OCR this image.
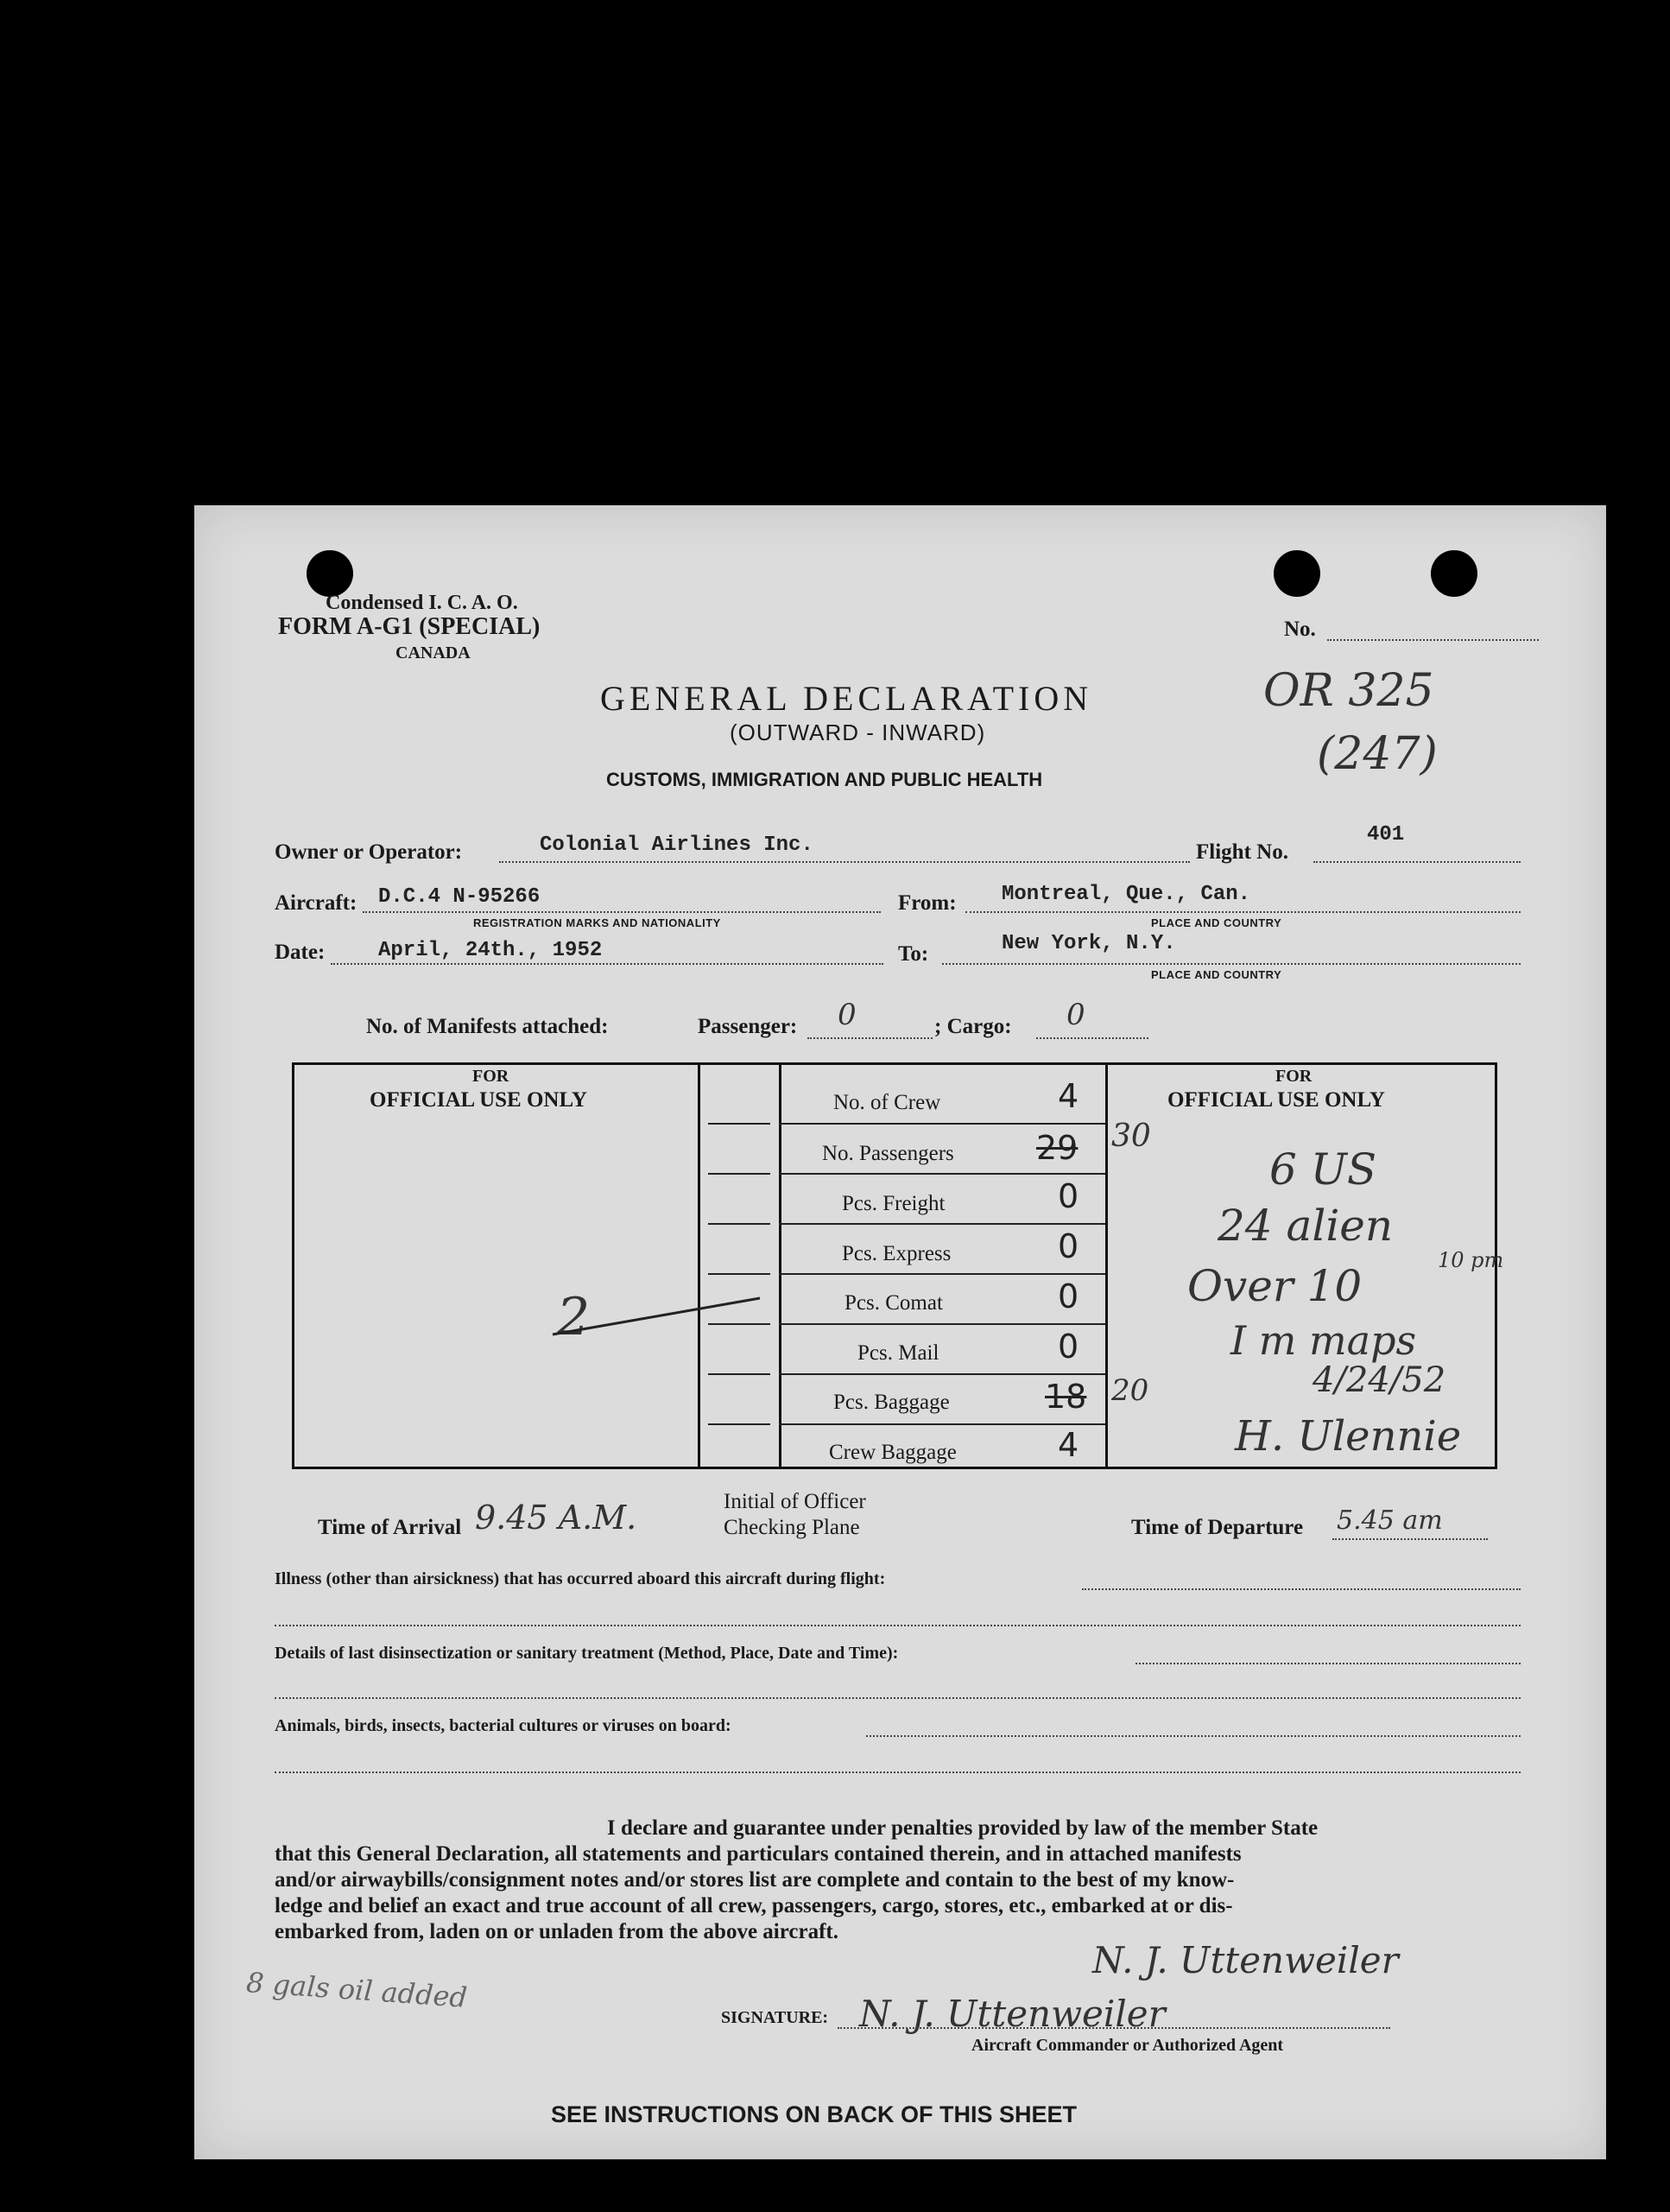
Condensed I. C. A. O.
FORM A-G1 (SPECIAL)
CANADA
No.
GENERAL DECLARATION
(OUTWARD - INWARD)
CUSTOMS, IMMIGRATION AND PUBLIC HEALTH
OR 325
(247)
Owner or Operator:	Colonial Airlines Inc.	Flight No.
401
Aircraft: D.C.4 N-95266
REGISTRATION MARKS AND NATIONALITY
From: Montreal, Que., Can.
PLACE AND COUNTRY
Date:	April, 24th., 1952	To:	New York, N.Y.
PLACE AND COUNTRY
No. of Manifests attached:	Passenger: 0	; Cargo: 0
FOR
OFFICIAL USE ONLY
FOR
OFFICIAL USE ONLY
No. of Crew	4
No. Passengers	29
Pcs. Freight	0
Pcs. Express	0
Pcs. Comat	0
Pcs. Mail	0
Pcs. Baggage	18
Crew Baggage	4
Time of Arrival 9.45 A.M.	Initial of Officer
Checking Plane	Time of Departure 5.45 am
2
30
6 US
24 alien
Over 10
10 pm
I m maps
20	4/24/52
H. Ulennie
Illness (other than airsickness) that has occurred aboard this aircraft during flight:
Details of last disinsectization or sanitary treatment (Method, Place, Date and Time):
Animals, birds, insects, bacterial cultures or viruses on board:
I declare and guarantee under penalties provided by law of the member State
that this General Declaration, all statements and particulars contained therein, and in attached manifests
and/or airwaybills/consignment notes and/or stores list are complete and contain to the best of my know-
ledge and belief an exact and true account of all crew, passengers, cargo, stores, etc., embarked at or dis-
embarked from, laden on or unladen from the above aircraft.
8 gals oil added
SIGNATURE: N. J. Uttenweiler
N. J. Uttenweiler
Aircraft Commander or Authorized Agent
SEE INSTRUCTIONS ON BACK OF THIS SHEET
